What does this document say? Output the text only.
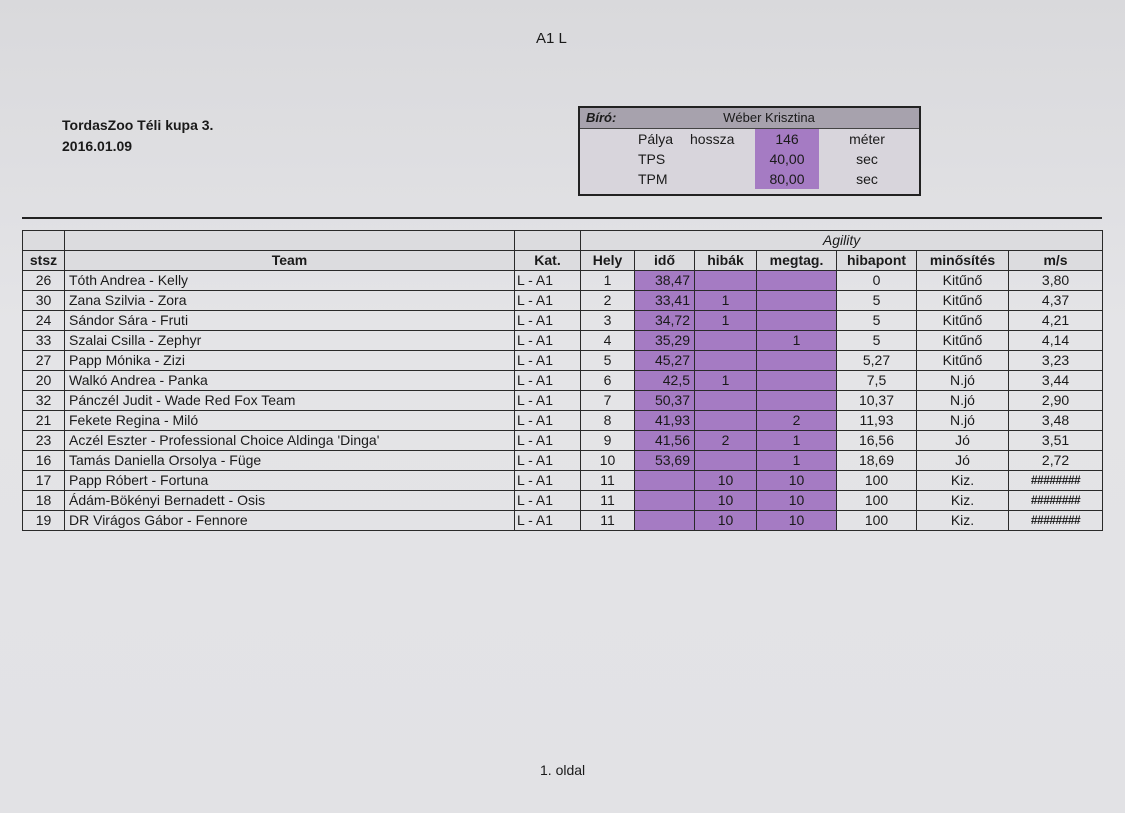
A1 L
TordasZoo Téli kupa 3.
2016.01.09
Bíró:	Wéber Krisztina
Pálya	hossza	146	méter
TPS	40,00	sec
TPM	80,00	sec
			Agility						
stsz	Team	Kat.	Hely	idő	hibák	megtag.	hibapont	minősítés	m/s
26	Tóth Andrea - Kelly	L - A1	1	38,47			0	Kitűnő	3,80
30	Zana Szilvia - Zora	L - A1	2	33,41	1		5	Kitűnő	4,37
24	Sándor Sára - Fruti	L - A1	3	34,72	1		5	Kitűnő	4,21
33	Szalai Csilla - Zephyr	L - A1	4	35,29		1	5	Kitűnő	4,14
27	Papp Mónika - Zizi	L - A1	5	45,27			5,27	Kitűnő	3,23
20	Walkó Andrea - Panka	L - A1	6	42,5	1		7,5	N.jó	3,44
32	Pánczél Judit - Wade Red Fox Team	L - A1	7	50,37			10,37	N.jó	2,90
21	Fekete Regina - Miló	L - A1	8	41,93		2	11,93	N.jó	3,48
23	Aczél Eszter - Professional Choice Aldinga 'Dinga'	L - A1	9	41,56	2	1	16,56	Jó	3,51
16	Tamás Daniella Orsolya - Füge	L - A1	10	53,69		1	18,69	Jó	2,72
17	Papp Róbert - Fortuna	L - A1	11		10	10	100	Kiz.	########
18	Ádám-Bökényi Bernadett - Osis	L - A1	11		10	10	100	Kiz.	########
19	DR Virágos Gábor - Fennore	L - A1	11		10	10	100	Kiz.	########
1. oldal
